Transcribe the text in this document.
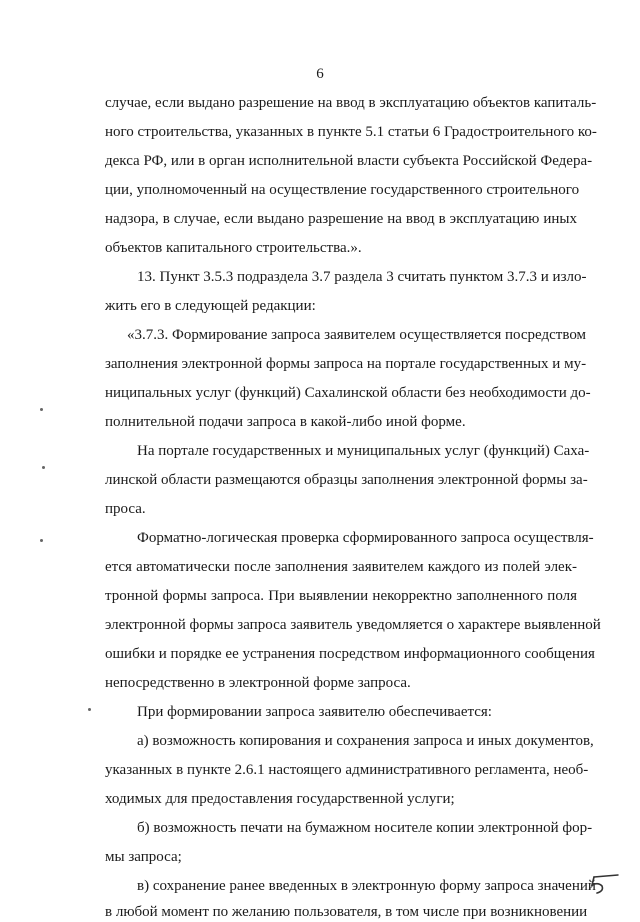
6
случае, если выдано разрешение на ввод в эксплуатацию объектов капиталь-
ного строительства, указанных в пункте 5.1 статьи 6 Градостроительного ко-
декса РФ, или в орган исполнительной власти субъекта Российской Федера-
ции, уполномоченный на осуществление государственного строительного
надзора, в случае, если выдано разрешение на ввод в эксплуатацию иных
объектов капитального строительства.».
13. Пункт 3.5.3 подраздела 3.7 раздела 3 считать пунктом 3.7.3 и изло-
жить его в следующей редакции:
«3.7.3. Формирование запроса заявителем осуществляется посредством
заполнения электронной формы запроса на портале государственных и му-
ниципальных услуг (функций) Сахалинской области без необходимости до-
полнительной подачи запроса в какой-либо иной форме.
На портале государственных и муниципальных услуг (функций) Саха-
линской области размещаются образцы заполнения электронной формы за-
проса.
Форматно-логическая проверка сформированного запроса осуществля-
ется автоматически после заполнения заявителем каждого из полей элек-
тронной формы запроса. При выявлении некорректно заполненного поля
электронной формы запроса заявитель уведомляется о характере выявленной
ошибки и порядке ее устранения посредством информационного сообщения
непосредственно в электронной форме запроса.
При формировании запроса заявителю обеспечивается:
а) возможность копирования и сохранения запроса и иных документов,
указанных в пункте 2.6.1 настоящего административного регламента, необ-
ходимых для предоставления государственной услуги;
б) возможность печати на бумажном носителе копии электронной фор-
мы запроса;
в) сохранение ранее введенных в электронную форму запроса значений
в любой момент по желанию пользователя, в том числе при возникновении
